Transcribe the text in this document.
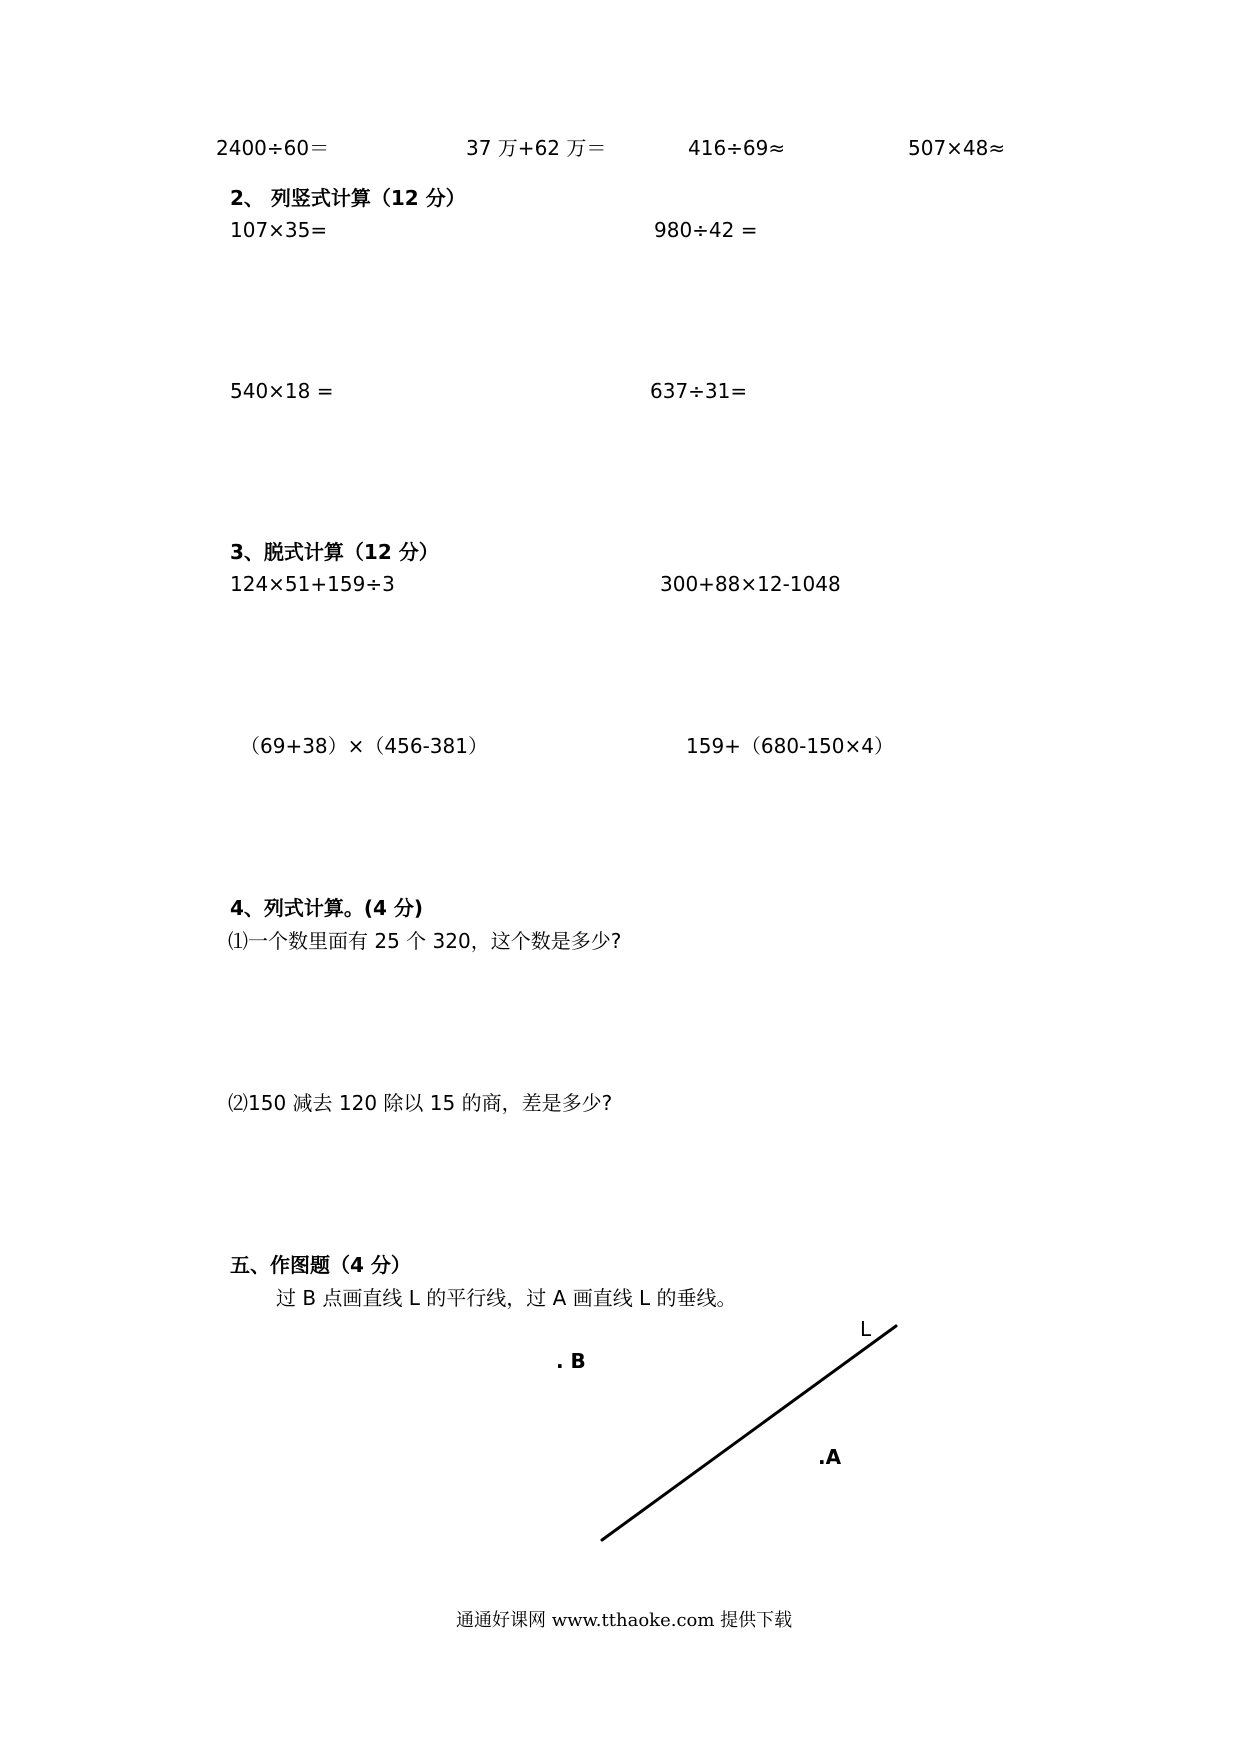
2400÷60＝	37 万+62 万＝	416÷69≈	507×48≈
2、 列竖式计算（12 分）
107×35=	980÷42 =
540×18 =	637÷31=
3、脱式计算（12 分）
124×51+159÷3	300+88×12-1048
（69+38）×（456-381）	159+（680-150×4）
4、列式计算。(4 分)
⑴一个数里面有 25 个 320，这个数是多少?
⑵150 减去 120 除以 15 的商，差是多少?
五、作图题（4 分）
过 B 点画直线 L 的平行线，过 A 画直线 L 的垂线。
. B
.A
L
通通好课网 www.tthaoke.com 提供下载
